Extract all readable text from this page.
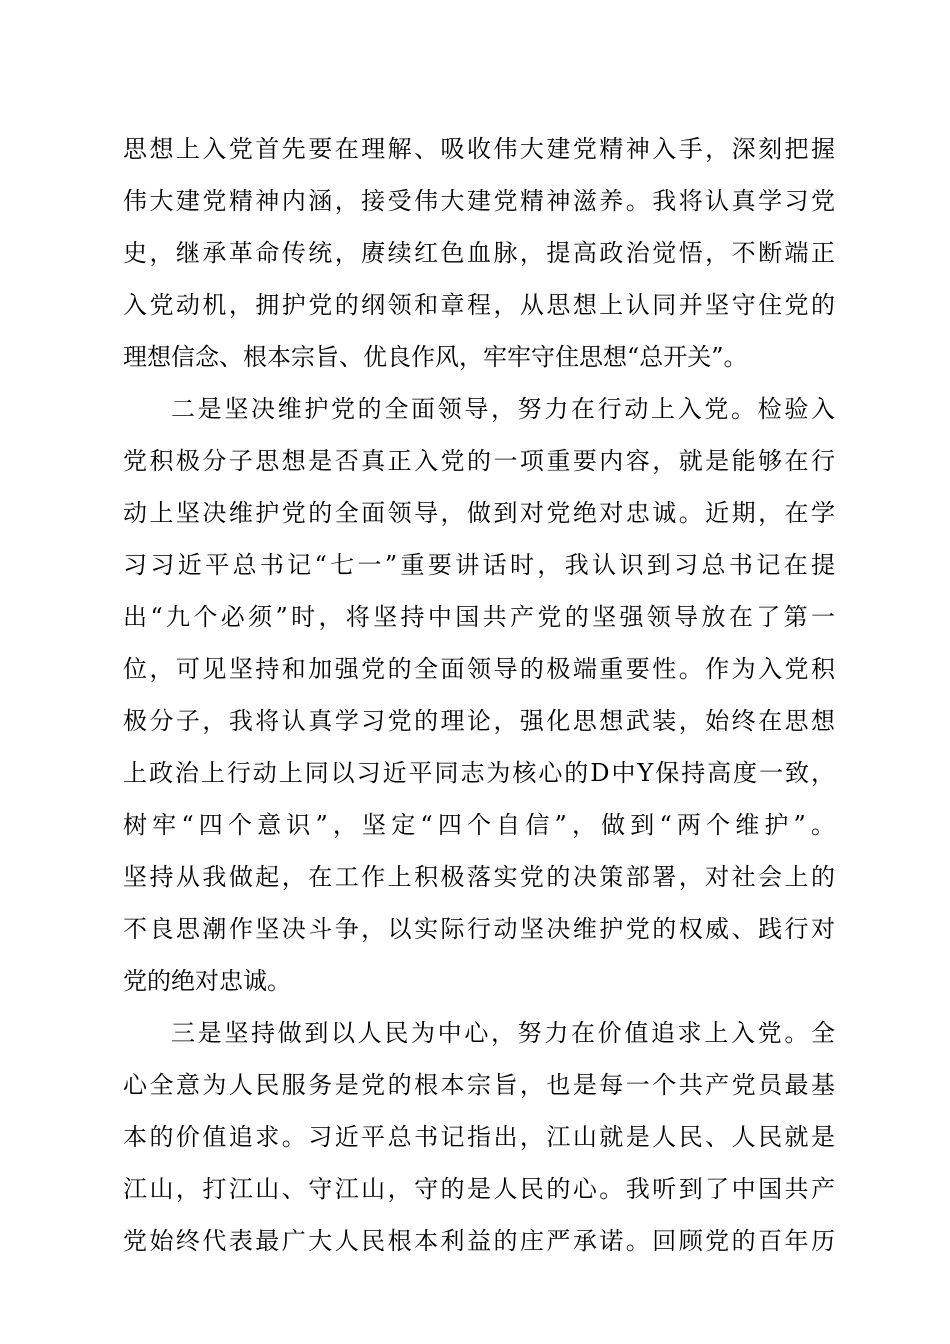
思想上入党首先要在理解、吸收伟大建党精神入手，深刻把握
伟大建党精神内涵，接受伟大建党精神滋养。我将认真学习党
史，继承革命传统，赓续红色血脉，提高政治觉悟，不断端正
入党动机，拥护党的纲领和章程，从思想上认同并坚守住党的
理想信念、根本宗旨、优良作风，牢牢守住思想“总开关”。
二是坚决维护党的全面领导，努力在行动上入党。检验入
党积极分子思想是否真正入党的一项重要内容，就是能够在行
动上坚决维护党的全面领导，做到对党绝对忠诚。近期，在学
习习近平总书记“七一”重要讲话时，我认识到习总书记在提
出“九个必须”时，将坚持中国共产党的坚强领导放在了第一
位，可见坚持和加强党的全面领导的极端重要性。作为入党积
极分子，我将认真学习党的理论，强化思想武装，始终在思想
上政治上行动上同以习近平同志为核心的D中Y保持高度一致，
树牢“四个意识”，坚定“四个自信”，做到“两个维护”。
坚持从我做起，在工作上积极落实党的决策部署，对社会上的
不良思潮作坚决斗争，以实际行动坚决维护党的权威、践行对
党的绝对忠诚。
三是坚持做到以人民为中心，努力在价值追求上入党。全
心全意为人民服务是党的根本宗旨，也是每一个共产党员最基
本的价值追求。习近平总书记指出，江山就是人民、人民就是
江山，打江山、守江山，守的是人民的心。我听到了中国共产
党始终代表最广大人民根本利益的庄严承诺。回顾党的百年历
